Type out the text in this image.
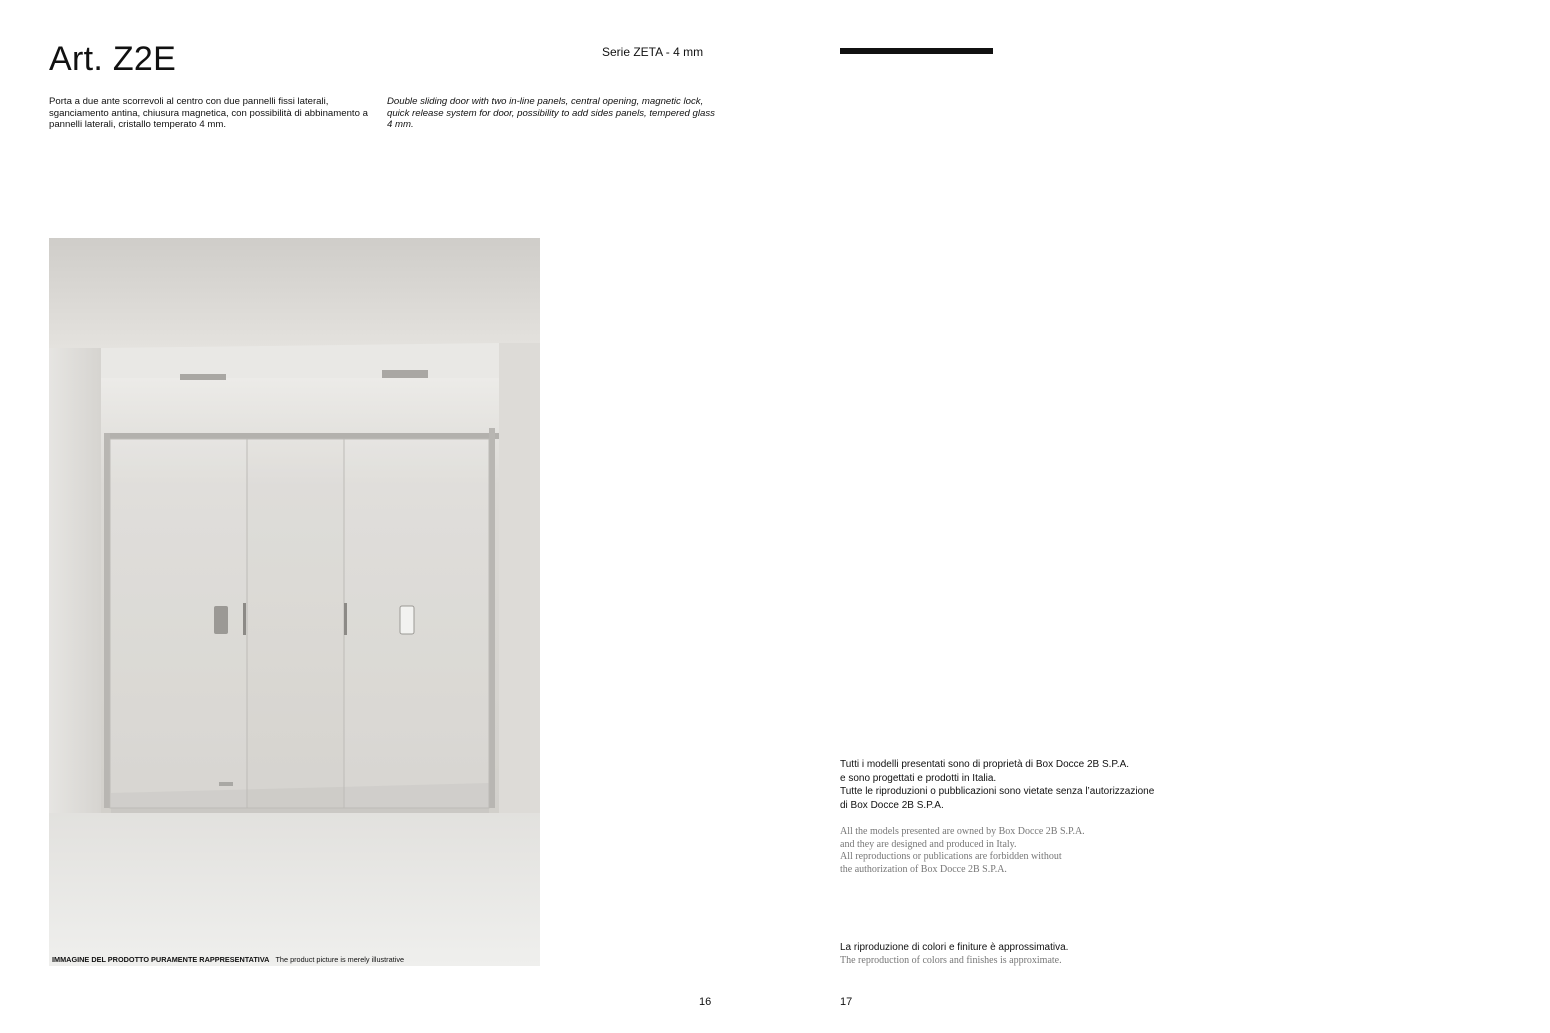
Art. Z2E	Serie ZETA - 4 mm
Porta a due ante scorrevoli al centro con due pannelli fissi laterali, sganciamento antina, chiusura magnetica, con possibilità di abbinamento a pannelli laterali, cristallo temperato 4 mm.
Double sliding door with two in-line panels, central opening, magnetic lock, quick release system for door, possibility to add sides panels, tempered glass 4 mm.
IMMAGINE DEL PRODOTTO PURAMENTE RAPPRESENTATIVA The product picture is merely illustrative
16
Tutti i modelli presentati sono di proprietà di Box Docce 2B S.P.A.
e sono progettati e prodotti in Italia.
Tutte le riproduzioni o pubblicazioni sono vietate senza l’autorizzazione
di Box Docce 2B S.P.A.
All the models presented are owned by Box Docce 2B S.P.A.
and they are designed and produced in Italy.
All reproductions or publications are forbidden without
the authorization of Box Docce 2B S.P.A.
La riproduzione di colori e finiture è approssimativa.
The reproduction of colors and finishes is approximate.
17
